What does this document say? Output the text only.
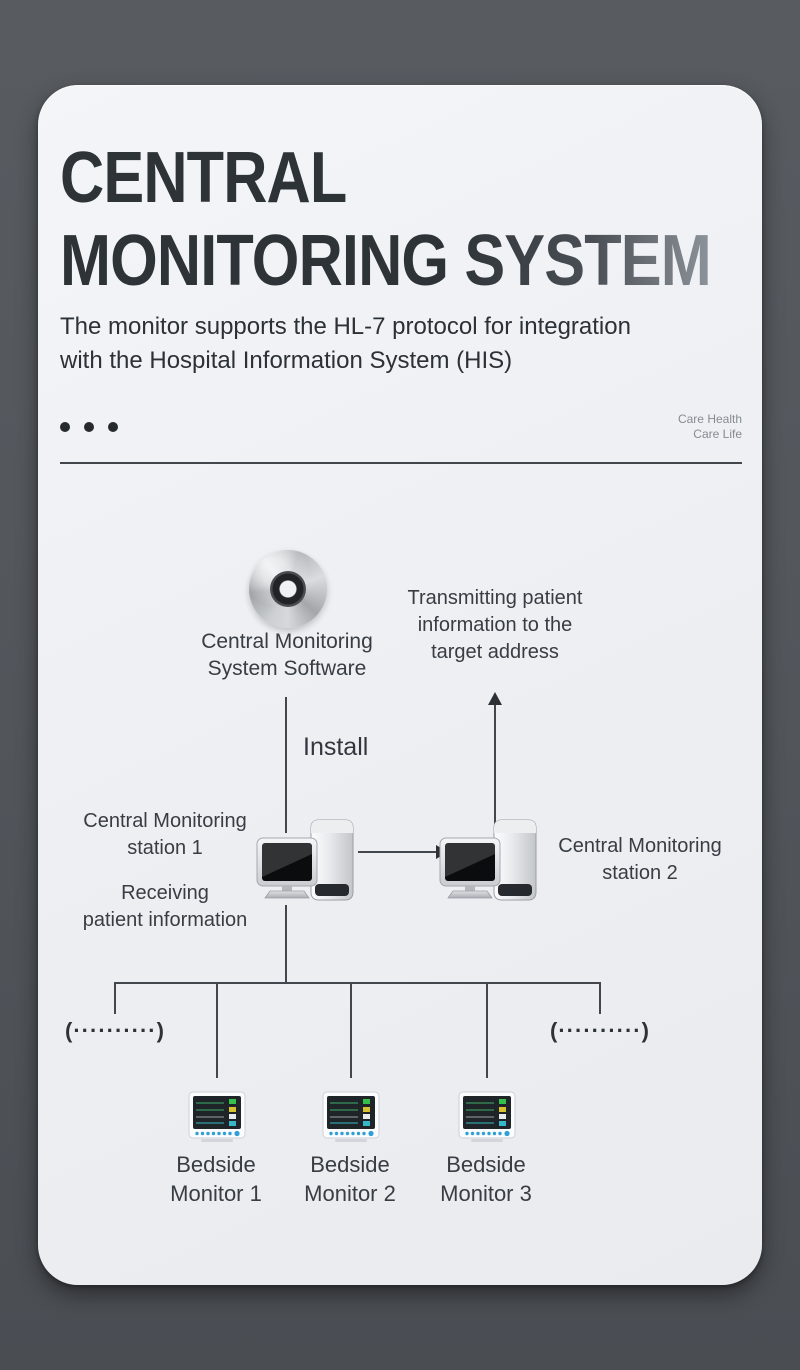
CENTRAL
MONITORING SYSTEM
The monitor supports the HL-7 protocol for integration
with the Hospital Information System (HIS)
Care Health
Care Life
Central Monitoring
System Software
Transmitting patient
information to the
target address
Install
Central Monitoring
station 1
Receiving
patient information
Central Monitoring
station 2
(··········)	(··········)
Bedside
Monitor 1
Bedside
Monitor 2
Bedside
Monitor 3
